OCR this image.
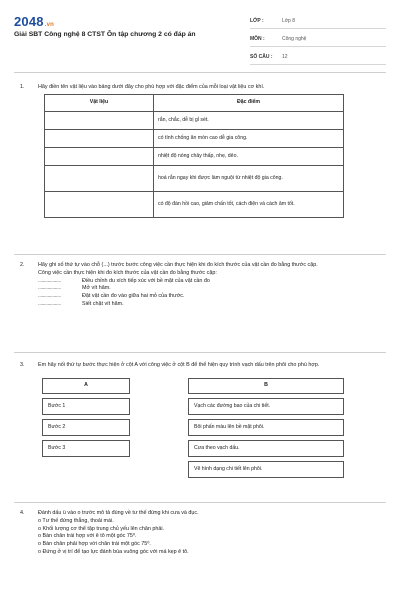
2048.vn
Giải SBT Công nghệ 8 CTST Ôn tập chương 2 có đáp án
LỚP :	Lớp 8
MÔN :	Công nghệ
SỐ CÂU :	12
1.	Hãy điền tên vật liệu vào bảng dưới đây cho phù hợp với đặc điểm của mỗi loại vật liệu cơ khí.

Vật liệu	Đặc điểm
	rắn, chắc, dễ bị gỉ sét.
	có tính chống ăn mòn cao dễ gia công.
	nhiệt độ nóng chảy thấp, nhẹ, dẻo.
	hoá rắn ngay khi được làm nguội từ nhiệt độ gia công.
	có độ đàn hồi cao, giảm chấn tốt, cách điện và cách âm tốt.
2.	Hãy ghi số thứ tự vào chỗ (...) trước bước công việc cần thực hiện khi đo kích thước của vật cần đo bằng thước cặp.

Công việc cần thực hiện khi đo kích thước của vật cần đo bằng thước cặp:

...................	Điều chỉnh du xích tiếp xúc với bề mặt của vật cần đo
...................	Mở vít hãm.
...................	Đặt vật cần đo vào giữa hai mỏ của thước.
...................	Siết chặt vít hãm.
3.	Em hãy nối thứ tự bước thực hiện ở cột A với công việc ở cột B để thể hiện quy trình vạch dấu trên phôi cho phù hợp.

A
Bước 1
Bước 2
Bước 3
B
Vạch các đường bao của chi tiết.
Bôi phấn màu lên bề mặt phôi.
Cưa theo vạch dấu.
Vẽ hình dạng chi tiết lên phôi.
4.	Đánh dấu ü vào o trước mô tả đúng về tư thế đứng khi cưa và đục.

o Tư thế đứng thẳng, thoải mái.

o Khối lượng cơ thể tập trung chủ yếu lên chân phải.

o Bàn chân trái hợp với ê tô một góc 75⁰.

o Bàn chân phải hợp với chân trái một góc 75⁰.

o Đứng ở vị trí để tạo lực đánh búa vuông góc với má kẹp ê tô.
